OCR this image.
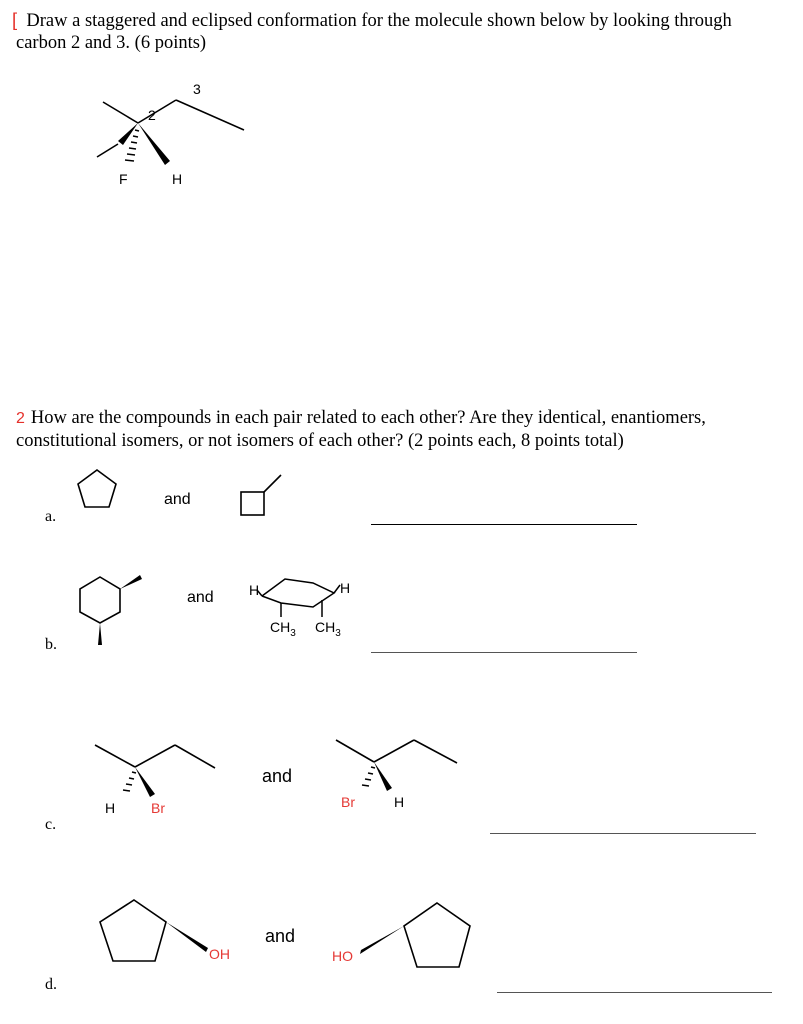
[ Draw a staggered and eclipsed conformation for the molecule shown below by looking through
carbon 2 and 3. (6 points)
2
3
F	H
2 How are the compounds in each pair related to each other? Are they identical, enantiomers,
constitutional isomers, or not isomers of each other? (2 points each, 8 points total)
a.
and
b.
and	H	H
$CH_3$ $CH_3$
c.
and
H	Br	Br	H
d.
and
OH	HO
